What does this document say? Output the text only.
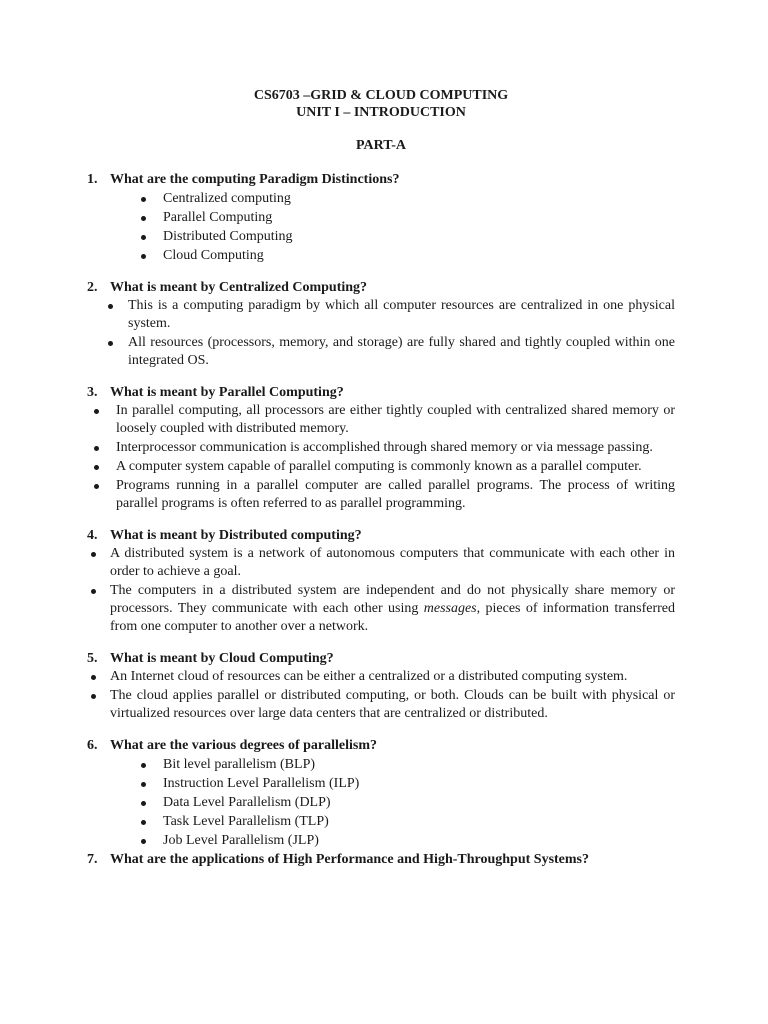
CS6703 –GRID & CLOUD COMPUTING
UNIT I – INTRODUCTION
PART-A
1. What are the computing Paradigm Distinctions?
Centralized computing
Parallel Computing
Distributed Computing
Cloud Computing
2. What is meant by Centralized Computing?
This is a computing paradigm by which all computer resources are centralized in one physical system.
All resources (processors, memory, and storage) are fully shared and tightly coupled within one integrated OS.
3. What is meant by Parallel Computing?
In parallel computing, all processors are either tightly coupled with centralized shared memory or loosely coupled with distributed memory.
Interprocessor communication is accomplished through shared memory or via message passing.
A computer system capable of parallel computing is commonly known as a parallel computer.
Programs running in a parallel computer are called parallel programs. The process of writing parallel programs is often referred to as parallel programming.
4. What is meant by Distributed computing?
A distributed system is a network of autonomous computers that communicate with each other in order to achieve a goal.
The computers in a distributed system are independent and do not physically share memory or processors. They communicate with each other using messages, pieces of information transferred from one computer to another over a network.
5. What is meant by Cloud Computing?
An Internet cloud of resources can be either a centralized or a distributed computing system.
The cloud applies parallel or distributed computing, or both. Clouds can be built with physical or virtualized resources over large data centers that are centralized or distributed.
6. What are the various degrees of parallelism?
Bit level parallelism (BLP)
Instruction Level Parallelism (ILP)
Data Level Parallelism (DLP)
Task Level Parallelism (TLP)
Job Level Parallelism (JLP)
7. What are the applications of High Performance and High-Throughput Systems?
